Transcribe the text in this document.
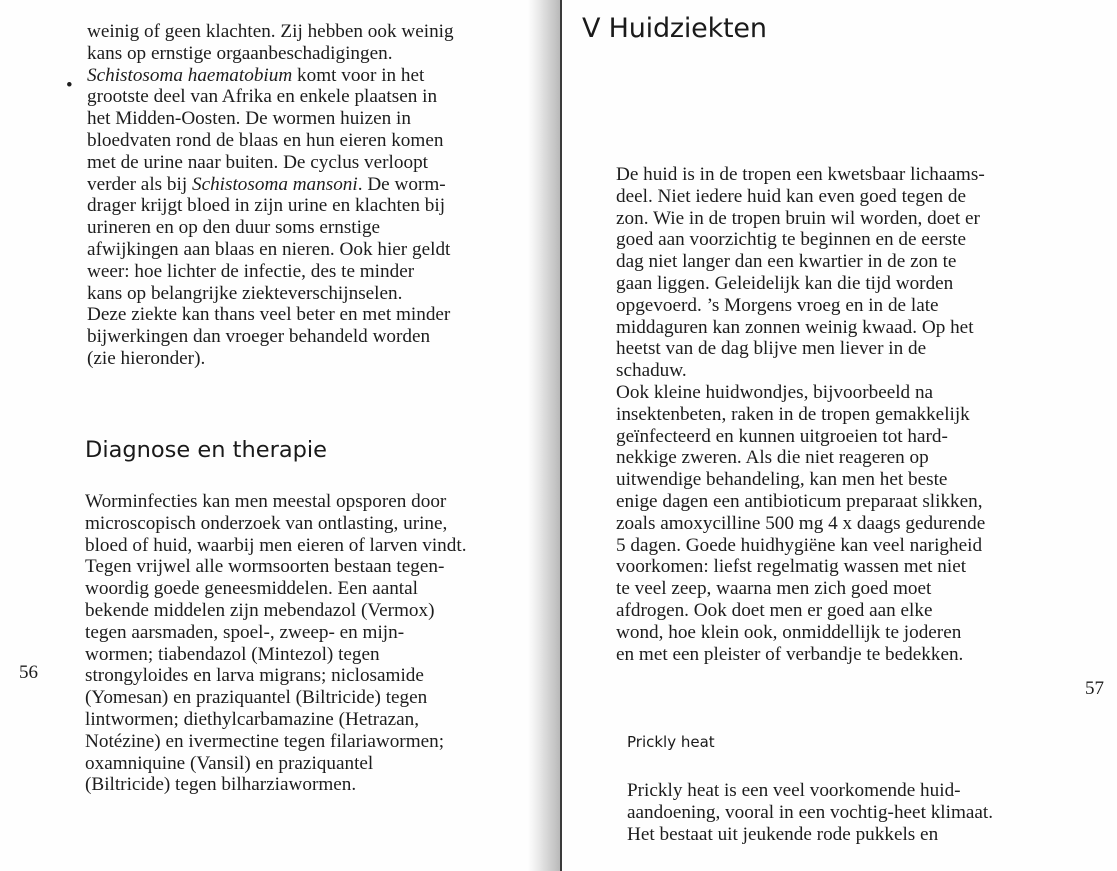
weinig of geen klachten. Zij hebben ook weinig
kans op ernstige orgaanbeschadigingen.
Schistosoma haematobium komt voor in het
grootste deel van Afrika en enkele plaatsen in
het Midden-Oosten. De wormen huizen in
bloedvaten rond de blaas en hun eieren komen
met de urine naar buiten. De cyclus verloopt
verder als bij Schistosoma mansoni. De worm-
drager krijgt bloed in zijn urine en klachten bij
urineren en op den duur soms ernstige
afwijkingen aan blaas en nieren. Ook hier geldt
weer: hoe lichter de infectie, des te minder
kans op belangrijke ziekteverschijnselen.
Deze ziekte kan thans veel beter en met minder
bijwerkingen dan vroeger behandeld worden
(zie hieronder).
•
Diagnose en therapie
Worminfecties kan men meestal opsporen door
microscopisch onderzoek van ontlasting, urine,
bloed of huid, waarbij men eieren of larven vindt.
Tegen vrijwel alle wormsoorten bestaan tegen-
woordig goede geneesmiddelen. Een aantal
bekende middelen zijn mebendazol (Vermox)
tegen aarsmaden, spoel-, zweep- en mijn-
wormen; tiabendazol (Mintezol) tegen
strongyloides en larva migrans; niclosamide
(Yomesan) en praziquantel (Biltricide) tegen
lintwormen; diethylcarbamazine (Hetrazan,
Notézine) en ivermectine tegen filariawormen;
oxamniquine (Vansil) en praziquantel
(Biltricide) tegen bilharziawormen.
56
V Huidziekten
De huid is in de tropen een kwetsbaar lichaams-
deel. Niet iedere huid kan even goed tegen de
zon. Wie in de tropen bruin wil worden, doet er
goed aan voorzichtig te beginnen en de eerste
dag niet langer dan een kwartier in de zon te
gaan liggen. Geleidelijk kan die tijd worden
opgevoerd. ’s Morgens vroeg en in de late
middaguren kan zonnen weinig kwaad. Op het
heetst van de dag blijve men liever in de
schaduw.
Ook kleine huidwondjes, bijvoorbeeld na
insektenbeten, raken in de tropen gemakkelijk
geïnfecteerd en kunnen uitgroeien tot hard-
nekkige zweren. Als die niet reageren op
uitwendige behandeling, kan men het beste
enige dagen een antibioticum preparaat slikken,
zoals amoxycilline 500 mg 4 x daags gedurende
5 dagen. Goede huidhygiëne kan veel narigheid
voorkomen: liefst regelmatig wassen met niet
te veel zeep, waarna men zich goed moet
afdrogen. Ook doet men er goed aan elke
wond, hoe klein ook, onmiddellijk te joderen
en met een pleister of verbandje te bedekken.
Prickly heat
Prickly heat is een veel voorkomende huid-
aandoening, vooral in een vochtig-heet klimaat.
Het bestaat uit jeukende rode pukkels en
57
